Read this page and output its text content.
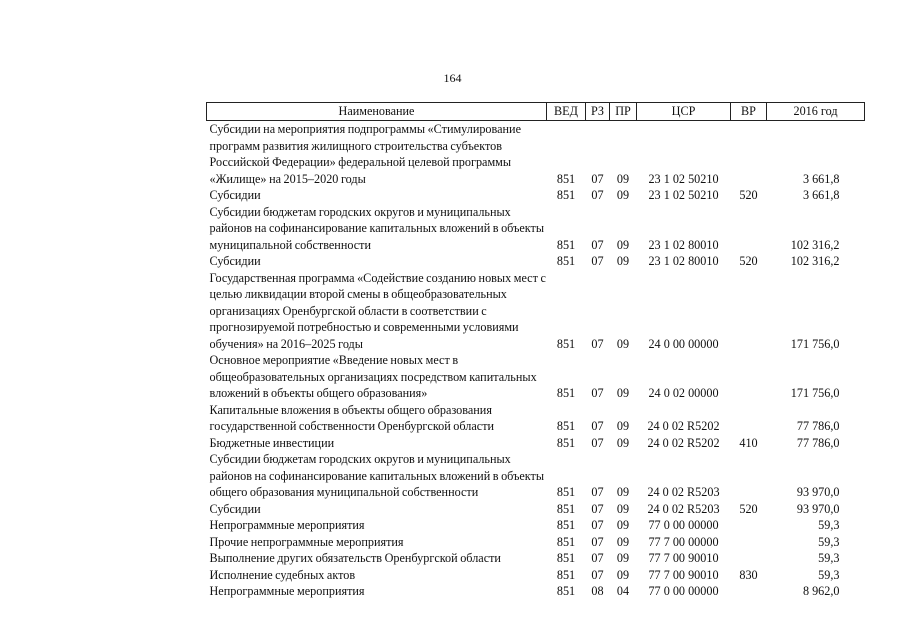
164
Наименование	ВЕД	РЗ	ПР	ЦСР	ВР	2016 год
Субсидии на мероприятия подпрограммы «Стимулирование программ развития жилищного строительства субъектов Российской Федерации» федеральной целевой программы «Жилище» на 2015–2020 годы	851	07	09	23 1 02 50210		3 661,8
Субсидии	851	07	09	23 1 02 50210	520	3 661,8
Субсидии бюджетам городских округов и муниципальных районов на софинансирование капитальных вложений в объекты муниципальной собственности	851	07	09	23 1 02 80010		102 316,2
Субсидии	851	07	09	23 1 02 80010	520	102 316,2
Государственная программа «Содействие созданию новых мест с целью ликвидации второй смены в общеобразовательных организациях Оренбургской области в соответствии с прогнозируемой потребностью и современными условиями обучения» на 2016–2025 годы	851	07	09	24 0 00 00000		171 756,0
Основное мероприятие «Введение новых мест в общеобразовательных организациях посредством капитальных вложений в объекты общего образования»	851	07	09	24 0 02 00000		171 756,0
Капитальные вложения в объекты общего образования государственной собственности Оренбургской области	851	07	09	24 0 02 R5202		77 786,0
Бюджетные инвестиции	851	07	09	24 0 02 R5202	410	77 786,0
Субсидии бюджетам городских округов и муниципальных районов на софинансирование капитальных вложений в объекты общего образования муниципальной собственности	851	07	09	24 0 02 R5203		93 970,0
Субсидии	851	07	09	24 0 02 R5203	520	93 970,0
Непрограммные мероприятия	851	07	09	77 0 00 00000		59,3
Прочие непрограммные мероприятия	851	07	09	77 7 00 00000		59,3
Выполнение других обязательств Оренбургской области	851	07	09	77 7 00 90010		59,3
Исполнение судебных актов	851	07	09	77 7 00 90010	830	59,3
Непрограммные мероприятия	851	08	04	77 0 00 00000		8 962,0
